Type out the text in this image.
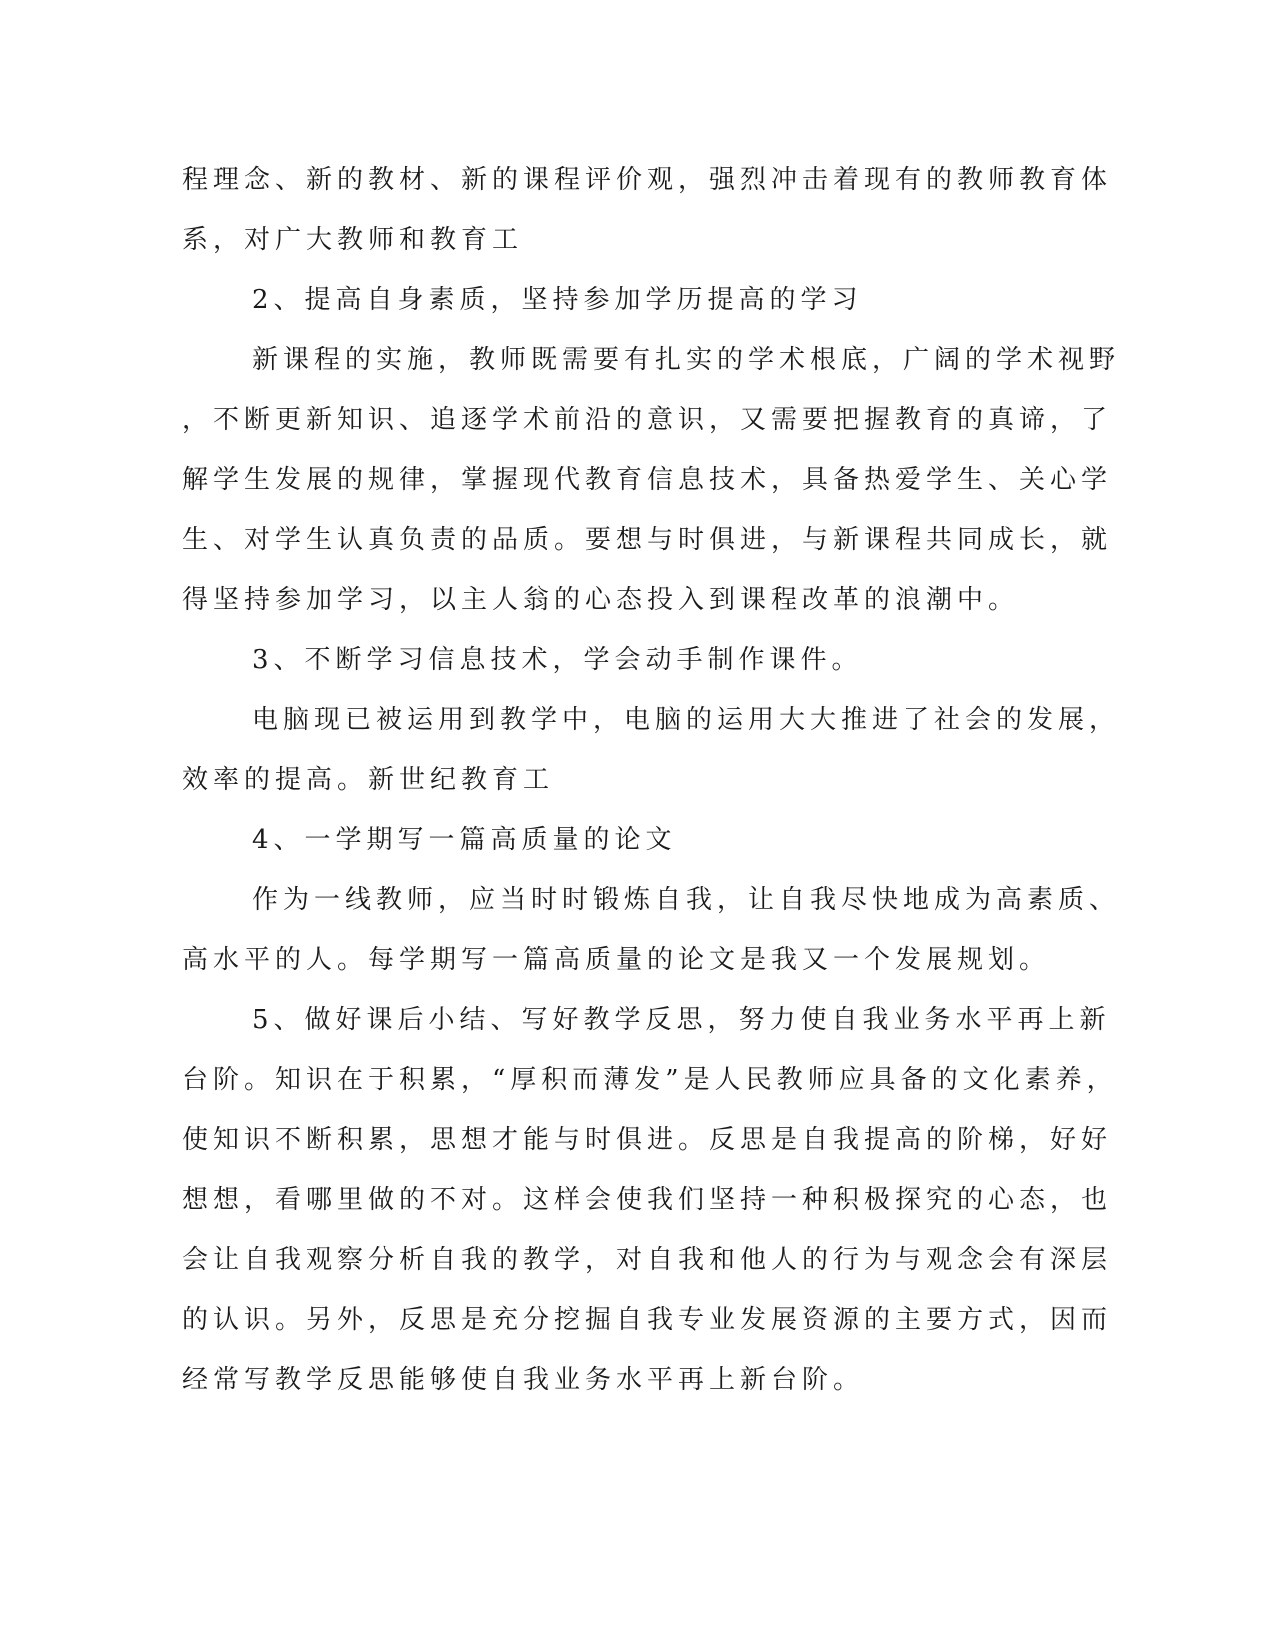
程理念、新的教材、新的课程评价观，强烈冲击着现有的教师教育体
系，对广大教师和教育工
2、提高自身素质，坚持参加学历提高的学习
新课程的实施，教师既需要有扎实的学术根底，广阔的学术视野
，不断更新知识、追逐学术前沿的意识，又需要把握教育的真谛，了
解学生发展的规律，掌握现代教育信息技术，具备热爱学生、关心学
生、对学生认真负责的品质。要想与时俱进，与新课程共同成长，就
得坚持参加学习，以主人翁的心态投入到课程改革的浪潮中。
3、不断学习信息技术，学会动手制作课件。
电脑现已被运用到教学中，电脑的运用大大推进了社会的发展，
效率的提高。新世纪教育工
4、一学期写一篇高质量的论文
作为一线教师，应当时时锻炼自我，让自我尽快地成为高素质、
高水平的人。每学期写一篇高质量的论文是我又一个发展规划。
5、做好课后小结、写好教学反思，努力使自我业务水平再上新
台阶。知识在于积累，“厚积而薄发”是人民教师应具备的文化素养，
使知识不断积累，思想才能与时俱进。反思是自我提高的阶梯，好好
想想，看哪里做的不对。这样会使我们坚持一种积极探究的心态，也
会让自我观察分析自我的教学，对自我和他人的行为与观念会有深层
的认识。另外，反思是充分挖掘自我专业发展资源的主要方式，因而
经常写教学反思能够使自我业务水平再上新台阶。
